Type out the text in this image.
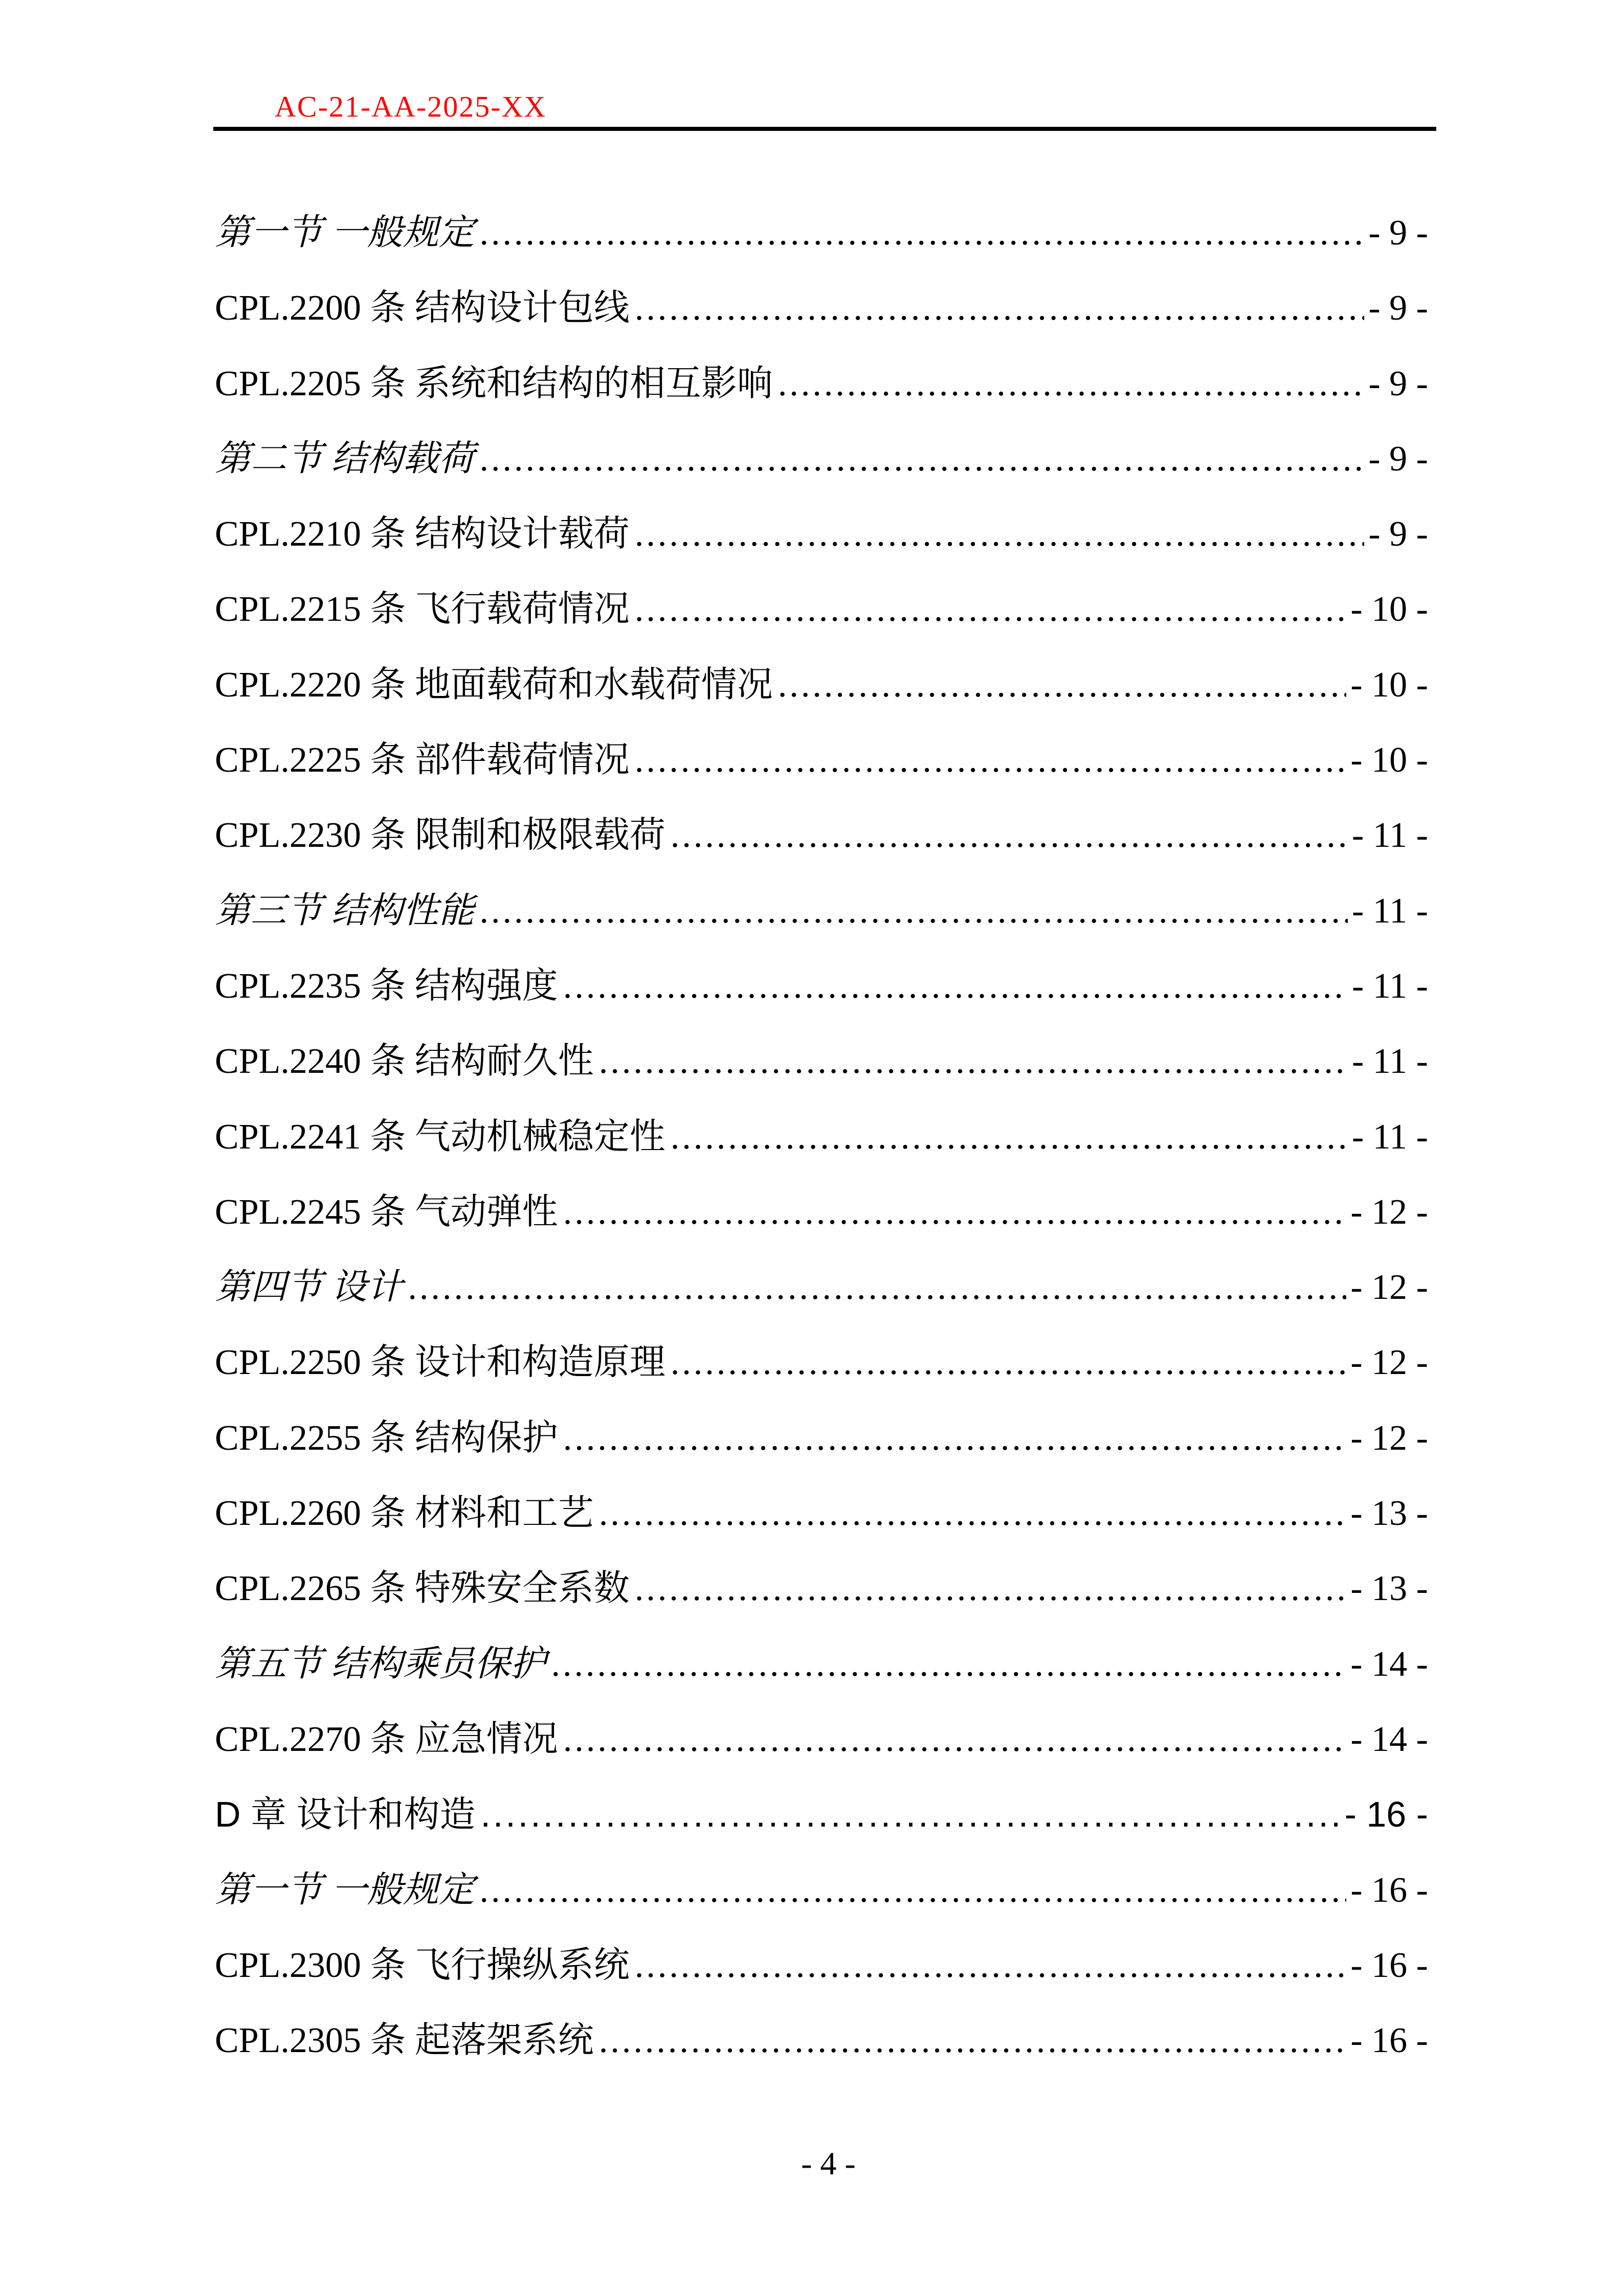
AC-21-AA-2025-XX
第一节 一般规定 .....	- 9 -
CPL.2200 条 结构设计包线 .....	- 9 -
CPL.2205 条 系统和结构的相互影响 .....	- 9 -
第二节 结构载荷 .....	- 9 -
CPL.2210 条 结构设计载荷 .....	- 9 -
CPL.2215 条 飞行载荷情况 .....	- 10 -
CPL.2220 条 地面载荷和水载荷情况 .....	- 10 -
CPL.2225 条 部件载荷情况 .....	- 10 -
CPL.2230 条 限制和极限载荷 .....	- 11 -
第三节 结构性能 .....	- 11 -
CPL.2235 条 结构强度 .....	- 11 -
CPL.2240 条 结构耐久性 .....	- 11 -
CPL.2241 条 气动机械稳定性 .....	- 11 -
CPL.2245 条 气动弹性 .....	- 12 -
第四节 设计 .....	- 12 -
CPL.2250 条 设计和构造原理 .....	- 12 -
CPL.2255 条 结构保护 .....	- 12 -
CPL.2260 条 材料和工艺 .....	- 13 -
CPL.2265 条 特殊安全系数 .....	- 13 -
第五节 结构乘员保护 .....	- 14 -
CPL.2270 条 应急情况 .....	- 14 -
D 章 设计和构造 .....	- 16 -
第一节 一般规定 .....	- 16 -
CPL.2300 条 飞行操纵系统 .....	- 16 -
CPL.2305 条 起落架系统 .....	- 16 -

- 4 -
